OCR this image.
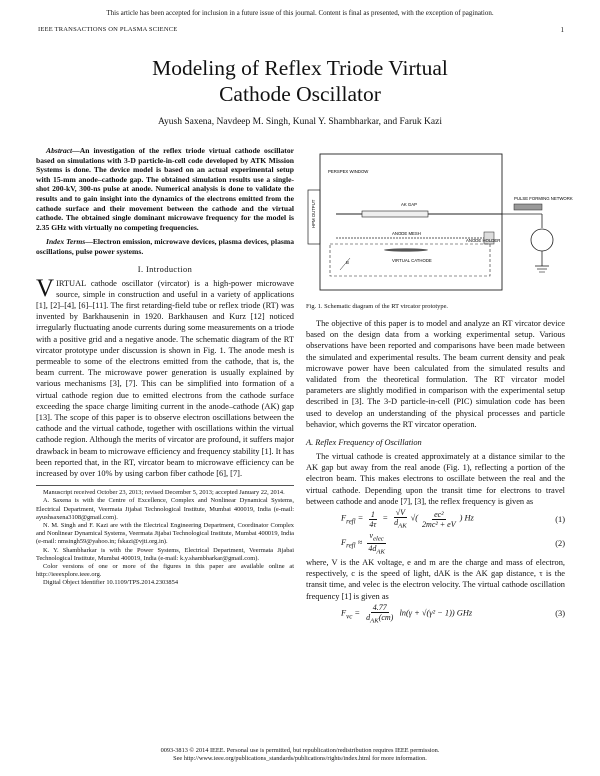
This article has been accepted for inclusion in a future issue of this journal. Content is final as presented, with the exception of pagination.
IEEE TRANSACTIONS ON PLASMA SCIENCE	1
Modeling of Reflex Triode Virtual
Cathode Oscillator
Ayush Saxena, Navdeep M. Singh, Kunal Y. Shambharkar, and Faruk Kazi

Abstract—An investigation of the reflex triode virtual cathode oscillator based on simulations with 3-D particle-in-cell code developed by ATK Mission Systems is done. The device model is based on an actual experimental setup with 15-mm anode–cathode gap. The obtained simulation results use a single-shot 200-kV, 300-ns pulse at anode. Numerical analysis is done to validate the results and to gain insight into the dynamics of the electrons emitted from the cathode surface and their movement between the cathode and the virtual cathode. The obtained single dominant microwave frequency for the model is 2.35 GHz with virtually no competing frequencies.

Index Terms—Electron emission, microwave devices, plasma devices, plasma oscillations, pulse power systems.

I. Introduction

VIRTUAL cathode oscillator (vircator) is a high-power microwave source, simple in construction and useful in a variety of applications [1], [2]–[4], [6]–[11]. The first retarding-field tube or reflex triode (RT) was invented by Barkhausenin in 1920. Barkhausen and Kurz [12] noticed irregularly fluctuating anode currents during some measurements on a triode with a positive grid and a negative anode. The schematic diagram of the RT vircator prototype under discussion is shown in Fig. 1. The anode mesh is permeable to some of the electrons emitted from the cathode, that is, the beam current. The microwave power generation is usually explained by various mechanisms [3], [7]. This can be simplified into formation of a virtual cathode region due to emitted electrons from the cathode surface exceeding the space charge limiting current in the anode–cathode (AK) gap [13]. The scope of this paper is to observe electron oscillations between the cathode and the virtual cathode, together with oscillations within the virtual cathode region. Although the merits of vircator are profound, it suffers major drawback in beam to microwave efficiency and frequency stability [1]. It has been reported that, in the RT, vircator beam to microwave efficiency can be increased by over 10% by using carbon fiber cathode [6], [7].

Manuscript received October 23, 2013; revised December 5, 2013; accepted January 22, 2014.

A. Saxena is with the Centre of Excellence, Complex and Nonlinear Dynamical Systems, Electrical Department, Veermata Jijabai Technological Institute, Mumbai 400019, India (e-mail: ayushsaxena3108@gmail.com).

N. M. Singh and F. Kazi are with the Electrical Engineering Department, Coordinator Complex and Nonlinear Dynamical Systems, Veermata Jijabai Technological Institute, Mumbai 400019, India (e-mail: nmsingh59@yahoo.in; fskazi@vjti.org.in).

K. Y. Shambharkar is with the Power Systems, Electrical Department, Veermata Jijabai Technological Institute, Mumbai 400019, India (e-mail: k.y.shambharkar@gmail.com).

Color versions of one or more of the figures in this paper are available online at http://ieeexplore.ieee.org.

Digital Object Identifier 10.1109/TPS.2014.2303854

HPM OUTPUT
PERSPEX WINDOW
AK GAP
ANODE MESH
ANODE HOLDER
VIRTUAL CATHODE
B
PULSE FORMING NETWORK
Fig. 1. Schematic diagram of the RT vircator prototype.

The objective of this paper is to model and analyze an RT vircator device based on the design data from a working experimental setup. Various observations have been reported and comparisons have been made between the simulated and experimental results. The beam current density and peak microwave power have been calculated from the simulated results and validated from the theoretical formulation. The RT vircator model parameters are slightly modified in comparison with the experimental setup described in [3]. The 3-D particle-in-cell (PIC) simulation code has been used to develop an understanding of the physical processes and particle behavior, which governs the RT vircator operation.

A. Reflex Frequency of Oscillation

The virtual cathode is created approximately at a distance similar to the AK gap but away from the real anode (Fig. 1), reflecting a portion of the electron beam. This makes electrons to oscillate between the real and the virtual cathode. Depending upon the transit time for electrons to travel between cathode and anode [7], [3], the reflex frequency is given as

$F_{refl} = \frac{1}{4\tau} = \frac{√V}{d_{AK}}$ √( $\frac{\text{ec²}}{\text{2mc² + eV}}$ ) Hz	(1)
$F_{refl} \approx \frac{v_{elec}}{4d_{AK}}$	(2)

where, V is the AK voltage, e and m are the charge and mass of electron, respectively, c is the speed of light, dAK is the AK gap distance, τ is the transit time, and velec is the electron velocity. The virtual cathode oscillation frequency [1] is given as

$F_{vc} = \frac{4.77}{d_{AK}(cm)} \ln(\gamma + √(\gamma^2 - 1))$ GHz	(3)
0093-3813 © 2014 IEEE. Personal use is permitted, but republication/redistribution requires IEEE permission.
See http://www.ieee.org/publications_standards/publications/rights/index.html for more information.
